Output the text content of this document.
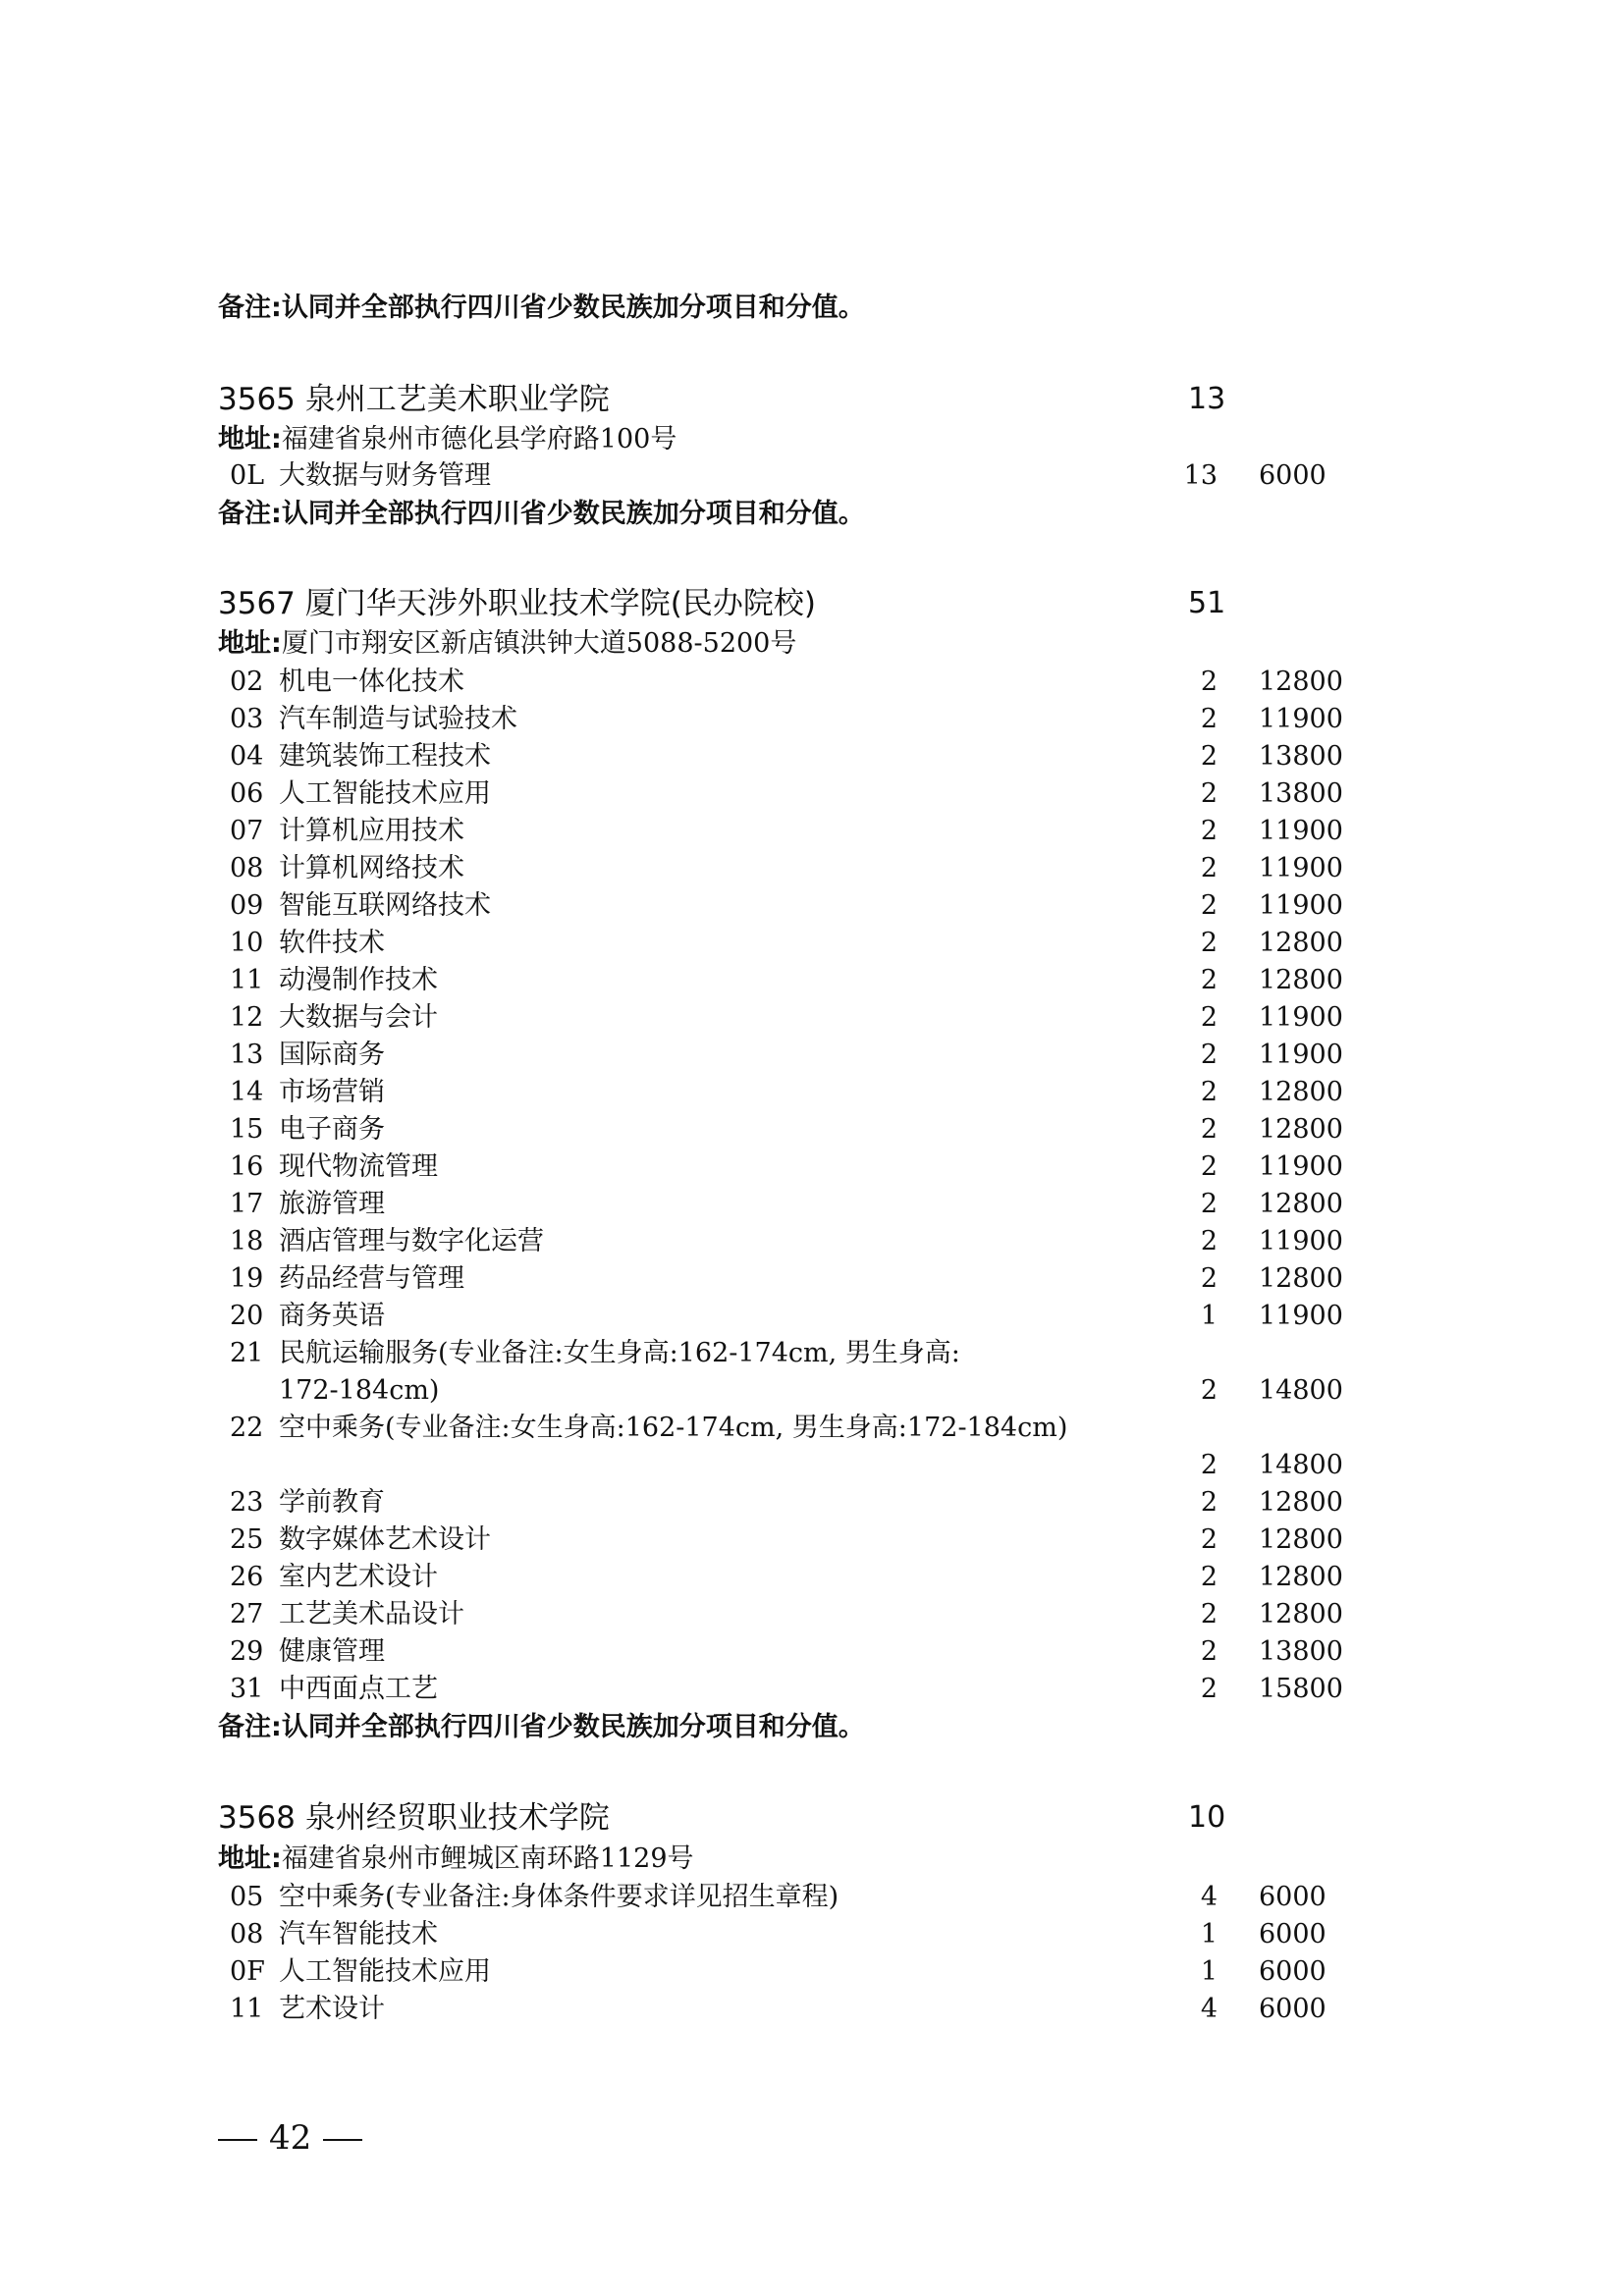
备注:认同并全部执行四川省少数民族加分项目和分值。
3565 泉州工艺美术职业学院	13
地址:福建省泉州市德化县学府路100号
0L 大数据与财务管理	13 6000
备注:认同并全部执行四川省少数民族加分项目和分值。
3567 厦门华天涉外职业技术学院(民办院校)	51
地址:厦门市翔安区新店镇洪钟大道5088-5200号
02 机电一体化技术	2 12800
03 汽车制造与试验技术	2 11900
04 建筑装饰工程技术	2 13800
06 人工智能技术应用	2 13800
07 计算机应用技术	2 11900
08 计算机网络技术	2 11900
09 智能互联网络技术	2 11900
10 软件技术	2 12800
11 动漫制作技术	2 12800
12 大数据与会计	2 11900
13 国际商务	2 11900
14 市场营销	2 12800
15 电子商务	2 12800
16 现代物流管理	2 11900
17 旅游管理	2 12800
18 酒店管理与数字化运营	2 11900
19 药品经营与管理	2 12800
20 商务英语	1 11900
21 民航运输服务(专业备注:女生身高:162-174cm, 男生身高:
172-184cm)	2 14800
22 空中乘务(专业备注:女生身高:162-174cm, 男生身高:172-184cm)
2 14800
23 学前教育	2 12800
25 数字媒体艺术设计	2 12800
26 室内艺术设计	2 12800
27 工艺美术品设计	2 12800
29 健康管理	2 13800
31 中西面点工艺	2 15800
备注:认同并全部执行四川省少数民族加分项目和分值。
3568 泉州经贸职业技术学院	10
地址:福建省泉州市鲤城区南环路1129号
05 空中乘务(专业备注:身体条件要求详见招生章程)	4 6000
08 汽车智能技术	1 6000
0F 人工智能技术应用	1 6000
11 艺术设计	4 6000
42
